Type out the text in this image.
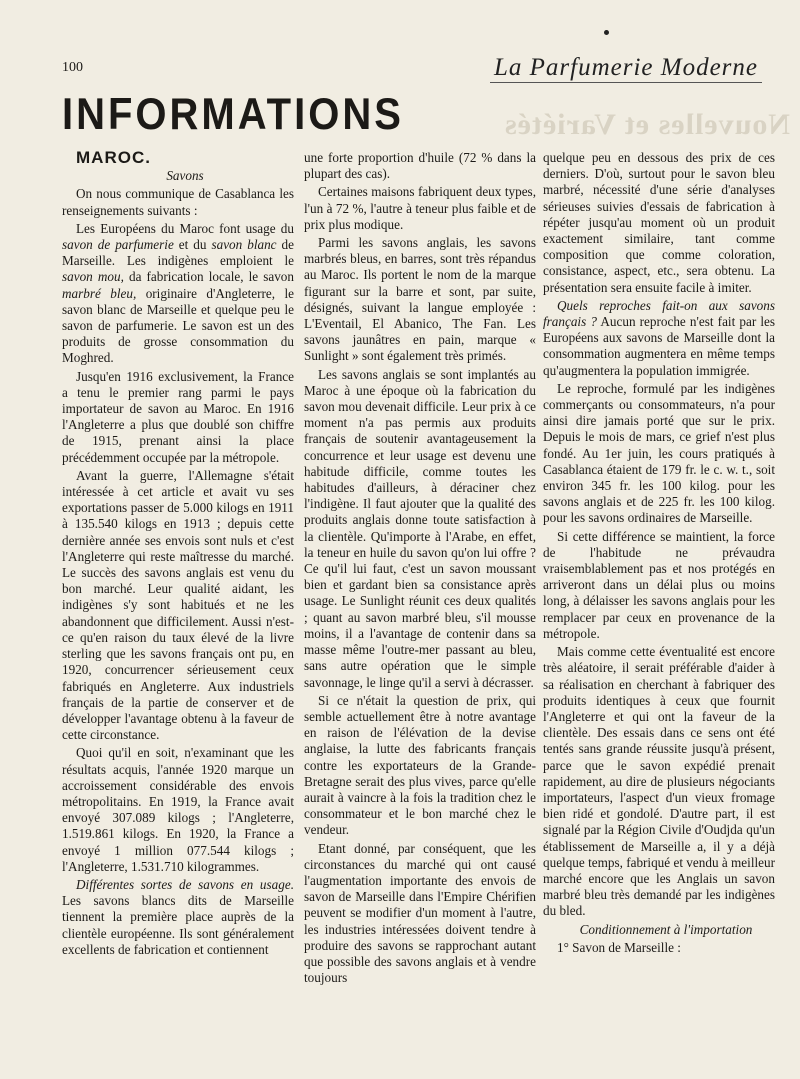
Nouvelles et Variétés
100	La Parfumerie Moderne
INFORMATIONS

MAROC.

Savons

On nous communique de Casablanca les renseignements suivants :

Les Européens du Maroc font usage du savon de parfumerie et du savon blanc de Marseille. Les indigènes emploient le savon mou, da fabrication locale, le savon marbré bleu, originaire d'Angleterre, le savon blanc de Marseille et quelque peu le savon de parfumerie. Le savon est un des produits de grosse consommation du Moghred.

Jusqu'en 1916 exclusivement, la France a tenu le premier rang parmi le pays importateur de savon au Maroc. En 1916 l'Angleterre a plus que doublé son chiffre de 1915, prenant ainsi la place précédemment occupée par la métropole.

Avant la guerre, l'Allemagne s'était intéressée à cet article et avait vu ses exportations passer de 5.000 kilogs en 1911 à 135.540 kilogs en 1913 ; depuis cette dernière année ses envois sont nuls et c'est l'Angleterre qui reste maîtresse du marché. Le succès des savons anglais est venu du bon marché. Leur qualité aidant, les indigènes s'y sont habitués et ne les abandonnent que difficilement. Aussi n'est-ce qu'en raison du taux élevé de la livre sterling que les savons français ont pu, en 1920, concurrencer sérieusement ceux fabriqués en Angleterre. Aux industriels français de la partie de conserver et de développer l'avantage obtenu à la faveur de cette circonstance.

Quoi qu'il en soit, n'examinant que les résultats acquis, l'année 1920 marque un accroissement considérable des envois métropolitains. En 1919, la France avait envoyé 307.089 kilogs ; l'Angleterre, 1.519.861 kilogs. En 1920, la France a envoyé 1 million 077.544 kilogs ; l'Angleterre, 1.531.710 kilogrammes.

Différentes sortes de savons en usage. Les savons blancs dits de Marseille tiennent la première place auprès de la clientèle européenne. Ils sont généralement excellents de fabrication et contiennent

une forte proportion d'huile (72 % dans la plupart des cas).

Certaines maisons fabriquent deux types, l'un à 72 %, l'autre à teneur plus faible et de prix plus modique.

Parmi les savons anglais, les savons marbrés bleus, en barres, sont très répandus au Maroc. Ils portent le nom de la marque figurant sur la barre et sont, par suite, désignés, suivant la langue employée : L'Eventail, El Abanico, The Fan. Les savons jaunâtres en pain, marque « Sunlight » sont également très primés.

Les savons anglais se sont implantés au Maroc à une époque où la fabrication du savon mou devenait difficile. Leur prix à ce moment n'a pas permis aux produits français de soutenir avantageusement la concurrence et leur usage est devenu une habitude difficile, comme toutes les habitudes d'ailleurs, à déraciner chez l'indigène. Il faut ajouter que la qualité des produits anglais donne toute satisfaction à la clientèle. Qu'importe à l'Arabe, en effet, la teneur en huile du savon qu'on lui offre ? Ce qu'il lui faut, c'est un savon moussant bien et gardant bien sa consistance après usage. Le Sunlight réunit ces deux qualités ; quant au savon marbré bleu, s'il mousse moins, il a l'avantage de contenir dans sa masse même l'outre-mer passant au bleu, sans autre opération que le simple savonnage, le linge qu'il a servi à décrasser.

Si ce n'était la question de prix, qui semble actuellement être à notre avantage en raison de l'élévation de la devise anglaise, la lutte des fabricants français contre les exportateurs de la Grande-Bretagne serait des plus vives, parce qu'elle aurait à vaincre à la fois la tradition chez le consommateur et le bon marché chez le vendeur.

Etant donné, par conséquent, que les circonstances du marché qui ont causé l'augmentation importante des envois de savon de Marseille dans l'Empire Chérifien peuvent se modifier d'un moment à l'autre, les industries intéressées doivent tendre à produire des savons se rapprochant autant que possible des savons anglais et à vendre toujours

quelque peu en dessous des prix de ces derniers. D'où, surtout pour le savon bleu marbré, nécessité d'une série d'analyses sérieuses suivies d'essais de fabrication à répéter jusqu'au moment où un produit exactement similaire, tant comme composition que comme coloration, consistance, aspect, etc., sera obtenu. La présentation sera ensuite facile à imiter.

Quels reproches fait-on aux savons français ? Aucun reproche n'est fait par les Européens aux savons de Marseille dont la consommation augmentera en même temps qu'augmentera la population immigrée.

Le reproche, formulé par les indigènes commerçants ou consommateurs, n'a pour ainsi dire jamais porté que sur le prix. Depuis le mois de mars, ce grief n'est plus fondé. Au 1er juin, les cours pratiqués à Casablanca étaient de 179 fr. le c. w. t., soit environ 345 fr. les 100 kilog. pour les savons anglais et de 225 fr. les 100 kilog. pour les savons ordinaires de Marseille.

Si cette différence se maintient, la force de l'habitude ne prévaudra vraisemblablement pas et nos protégés en arriveront dans un délai plus ou moins long, à délaisser les savons anglais pour les remplacer par ceux en provenance de la métropole.

Mais comme cette éventualité est encore très aléatoire, il serait préférable d'aider à sa réalisation en cherchant à fabriquer des produits identiques à ceux que fournit l'Angleterre et qui ont la faveur de la clientèle. Des essais dans ce sens ont été tentés sans grande réussite jusqu'à présent, parce que le savon expédié prenait rapidement, au dire de plusieurs négociants importateurs, l'aspect d'un vieux fromage bien ridé et gondolé. D'autre part, il est signalé par la Région Civile d'Oudjda qu'un établissement de Marseille a, il y a déjà quelque temps, fabriqué et vendu à meilleur marché encore que les Anglais un savon marbré bleu très demandé par les indigènes du bled.

Conditionnement à l'importation

1° Savon de Marseille :
